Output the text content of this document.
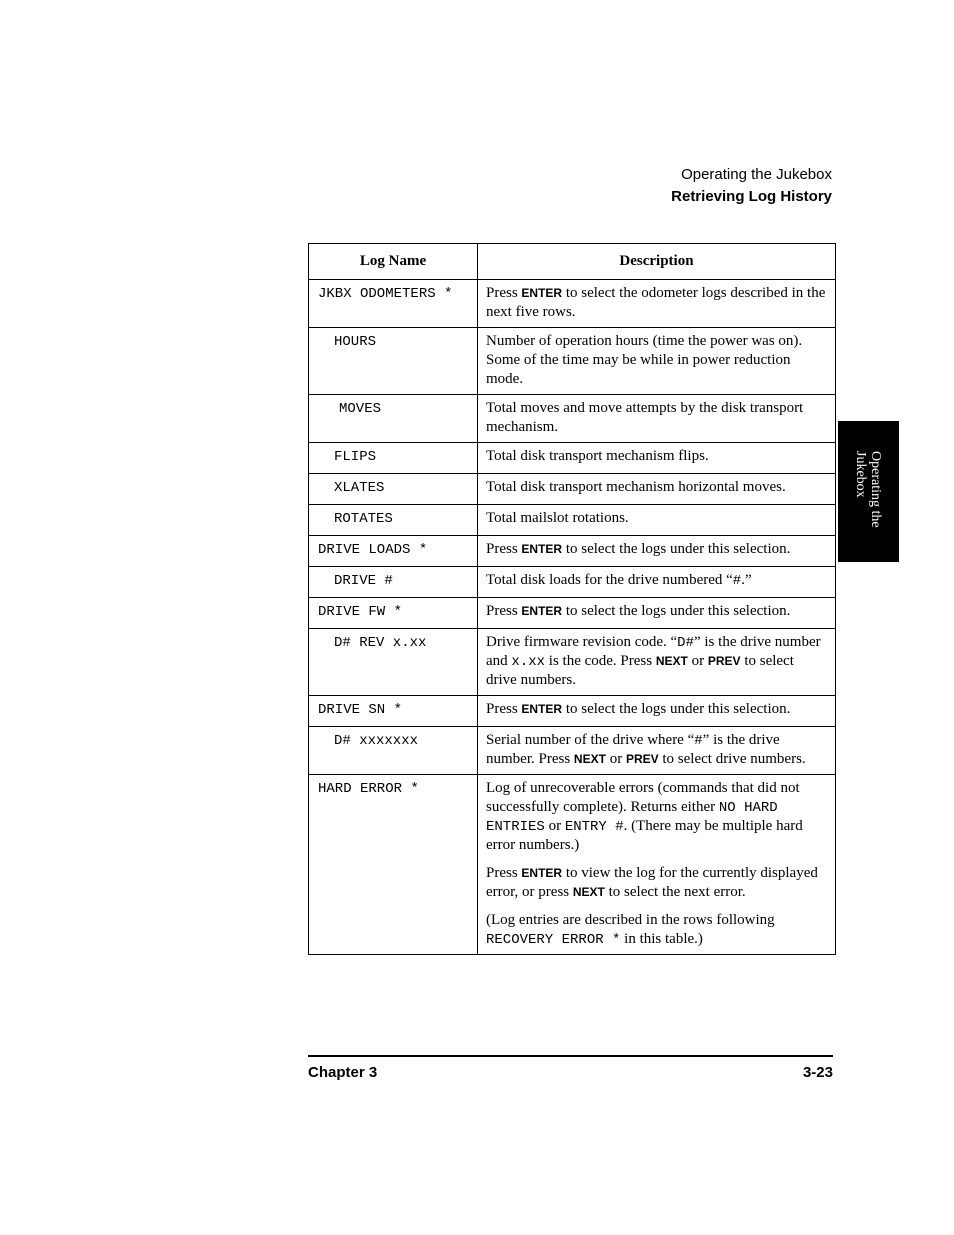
Operating the Jukebox
Retrieving Log History
Operating the
Jukebox
Log Name	Description
JKBX ODOMETERS *	Press ENTER to select the odometer logs described in the next five rows.
HOURS	Number of operation hours (time the power was on). Some of the time may be while in power reduction mode.
MOVES	Total moves and move attempts by the disk transport mechanism.
FLIPS	Total disk transport mechanism flips.
XLATES	Total disk transport mechanism horizontal moves.
ROTATES	Total mailslot rotations.
DRIVE LOADS *	Press ENTER to select the logs under this selection.
DRIVE #	Total disk loads for the drive numbered “#.”
DRIVE FW *	Press ENTER to select the logs under this selection.
D# REV x.xx	Drive firmware revision code. “D#” is the drive number and x.xx is the code. Press NEXT or PREV to select drive numbers.
DRIVE SN *	Press ENTER to select the logs under this selection.
D# xxxxxxx	Serial number of the drive where “#” is the drive number. Press NEXT or PREV to select drive numbers.
HARD ERROR *	Log of unrecoverable errors (commands that did not successfully complete). Returns either NO HARD ENTRIES or ENTRY #. (There may be multiple hard error numbers.)

Press ENTER to view the log for the currently displayed error, or press NEXT to select the next error.

(Log entries are described in the rows following RECOVERY ERROR * in this table.)

Chapter 3	3-23
